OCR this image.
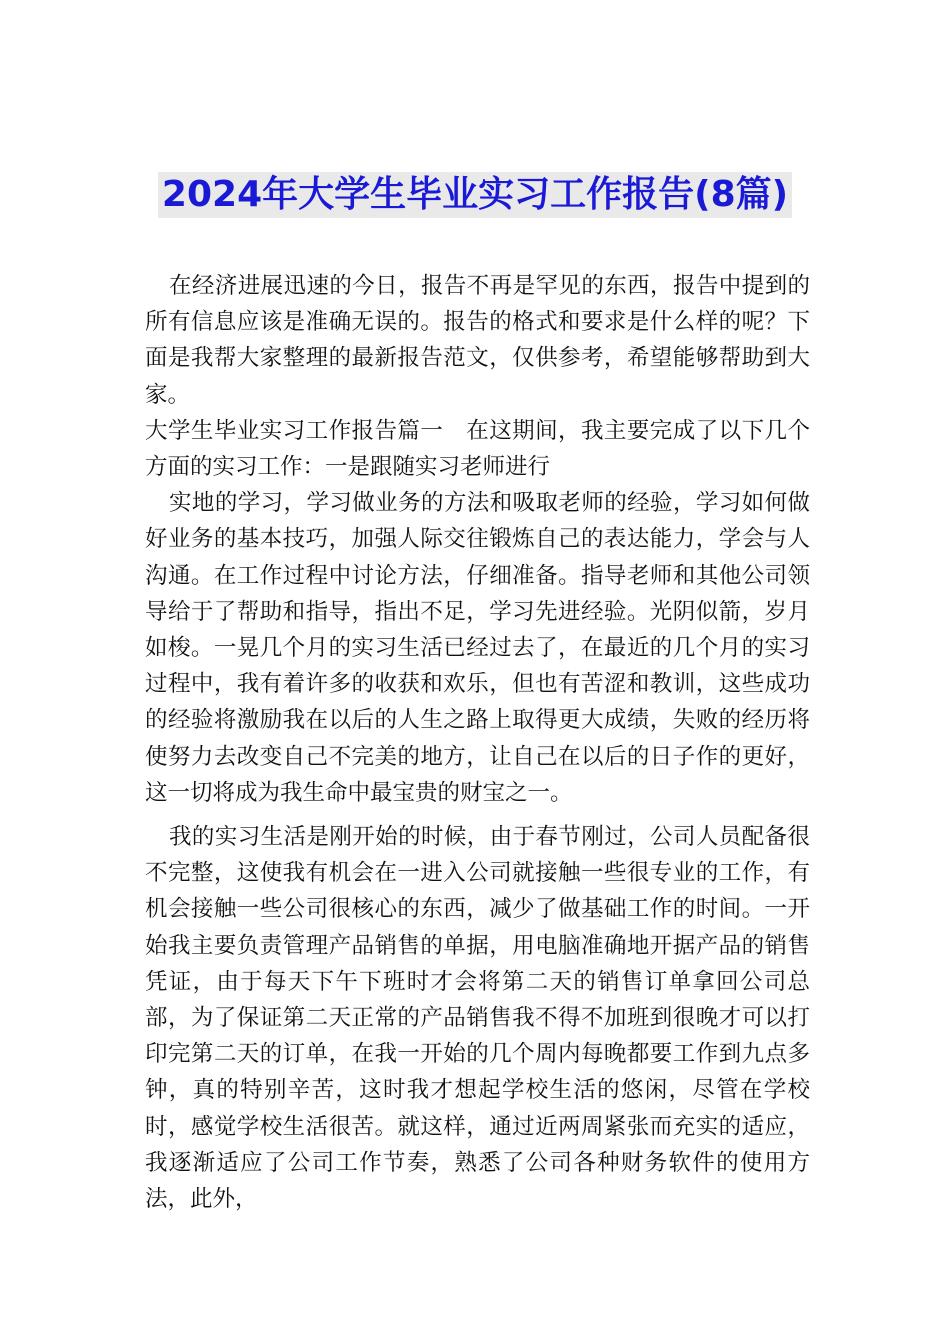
2024年大学生毕业实习工作报告(8篇)

在经济进展迅速的今日，报告不再是罕见的东西，报告中提到的所有信息应该是准确无误的。报告的格式和要求是什么样的呢？下面是我帮大家整理的最新报告范文，仅供参考，希望能够帮助到大家。

大学生毕业实习工作报告篇一　在这期间，我主要完成了以下几个方面的实习工作：一是跟随实习老师进行

实地的学习，学习做业务的方法和吸取老师的经验，学习如何做好业务的基本技巧，加强人际交往锻炼自己的表达能力，学会与人沟通。在工作过程中讨论方法，仔细准备。指导老师和其他公司领导给于了帮助和指导，指出不足，学习先进经验。光阴似箭，岁月如梭。一晃几个月的实习生活已经过去了，在最近的几个月的实习过程中，我有着许多的收获和欢乐，但也有苦涩和教训，这些成功的经验将激励我在以后的人生之路上取得更大成绩，失败的经历将使努力去改变自己不完美的地方，让自己在以后的日子作的更好，这一切将成为我生命中最宝贵的财宝之一。

我的实习生活是刚开始的时候，由于春节刚过，公司人员配备很不完整，这使我有机会在一进入公司就接触一些很专业的工作，有机会接触一些公司很核心的东西，减少了做基础工作的时间。一开始我主要负责管理产品销售的单据，用电脑准确地开据产品的销售凭证，由于每天下午下班时才会将第二天的销售订单拿回公司总部，为了保证第二天正常的产品销售我不得不加班到很晚才可以打印完第二天的订单，在我一开始的几个周内每晚都要工作到九点多钟，真的特别辛苦，这时我才想起学校生活的悠闲，尽管在学校时，感觉学校生活很苦。就这样，通过近两周紧张而充实的适应，我逐渐适应了公司工作节奏，熟悉了公司各种财务软件的使用方法，此外，
